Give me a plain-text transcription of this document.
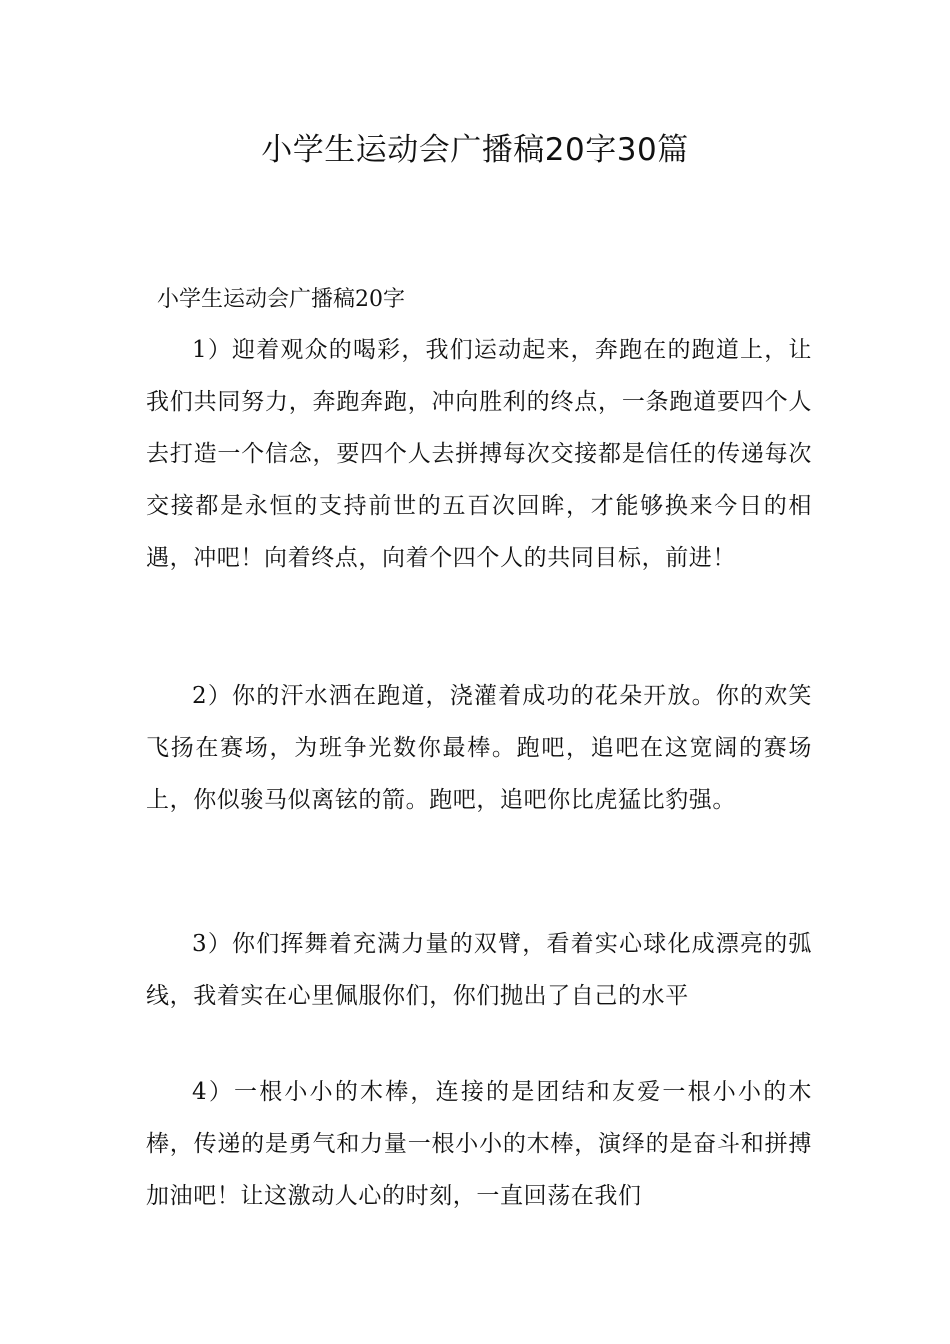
小学生运动会广播稿20字30篇
小学生运动会广播稿20字

1）迎着观众的喝彩，我们运动起来，奔跑在的跑道上，让我们共同努力，奔跑奔跑，冲向胜利的终点，一条跑道要四个人去打造一个信念，要四个人去拼搏每次交接都是信任的传递每次交接都是永恒的支持前世的五百次回眸，才能够换来今日的相遇，冲吧！向着终点，向着个四个人的共同目标，前进！

2）你的汗水洒在跑道，浇灌着成功的花朵开放。你的欢笑飞扬在赛场，为班争光数你最棒。跑吧，追吧在这宽阔的赛场上，你似骏马似离铉的箭。跑吧，追吧你比虎猛比豹强。

3）你们挥舞着充满力量的双臂，看着实心球化成漂亮的弧线，我着实在心里佩服你们，你们抛出了自己的水平

4）一根小小的木棒，连接的是团结和友爱一根小小的木棒，传递的是勇气和力量一根小小的木棒，演绎的是奋斗和拼搏加油吧！让这激动人心的时刻，一直回荡在我们
